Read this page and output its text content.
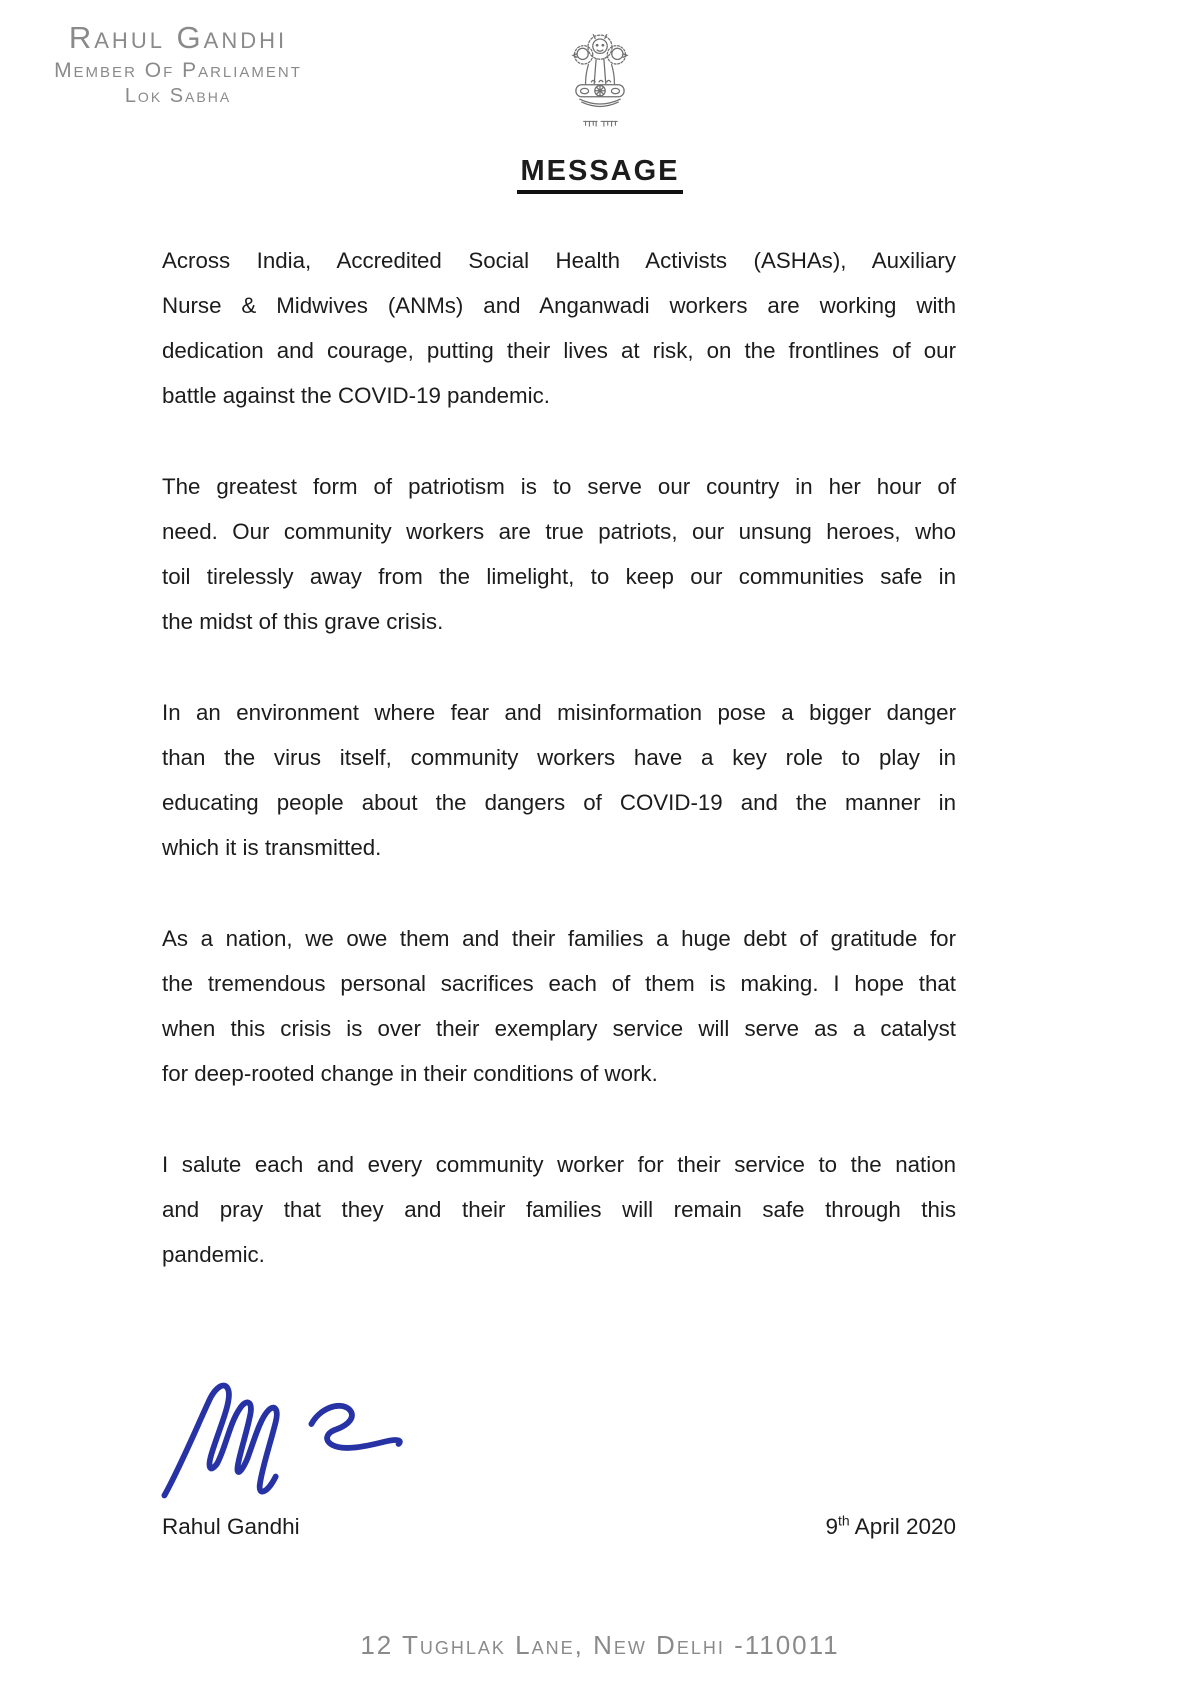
Rahul Gandhi
Member Of Parliament
Lok Sabha
MESSAGE

Across India, Accredited Social Health Activists (ASHAs), Auxiliary
Nurse & Midwives (ANMs) and Anganwadi workers are working with
dedication and courage, putting their lives at risk, on the frontlines of our
battle against the COVID-19 pandemic.

The greatest form of patriotism is to serve our country in her hour of
need. Our community workers are true patriots, our unsung heroes, who
toil tirelessly away from the limelight, to keep our communities safe in
the midst of this grave crisis.

In an environment where fear and misinformation pose a bigger danger
than the virus itself, community workers have a key role to play in
educating people about the dangers of COVID-19 and the manner in
which it is transmitted.

As a nation, we owe them and their families a huge debt of gratitude for
the tremendous personal sacrifices each of them is making. I hope that
when this crisis is over their exemplary service will serve as a catalyst
for deep-rooted change in their conditions of work.

I salute each and every community worker for their service to the nation
and pray that they and their families will remain safe through this
pandemic.

Rahul Gandhi	9th April 2020
12 Tughlak Lane, New Delhi -110011
